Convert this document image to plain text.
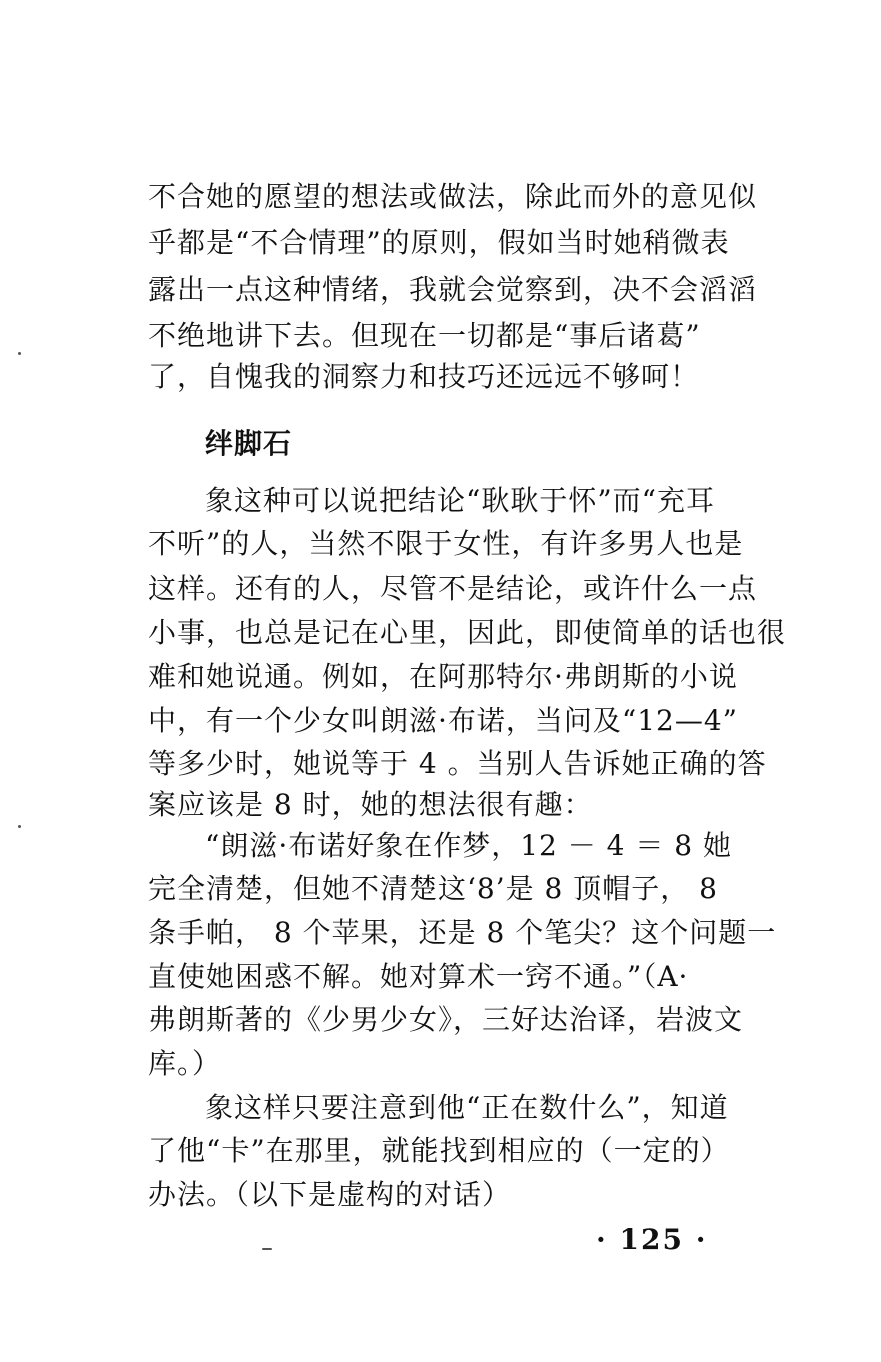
不合她的愿望的想法或做法，除此而外的意见似
乎都是“不合情理”的原则，假如当时她稍微表
露出一点这种情绪，我就会觉察到，决不会滔滔
不绝地讲下去。但现在一切都是“事后诸葛”
了，自愧我的洞察力和技巧还远远不够呵！
绊脚石
象这种可以说把结论“耿耿于怀”而“充耳
不听”的人，当然不限于女性，有许多男人也是
这样。还有的人，尽管不是结论，或许什么一点
小事，也总是记在心里，因此，即使简单的话也很
难和她说通。例如，在阿那特尔·弗朗斯的小说
中，有一个少女叫朗滋·布诺，当问及“12—4”
等多少时，她说等于 4 。当别人告诉她正确的答
案应该是 8 时，她的想法很有趣：
“朗滋·布诺好象在作梦，12 － 4 ＝ 8 她
完全清楚，但她不清楚这‘8’是 8 顶帽子， 8
条手帕， 8 个苹果，还是 8 个笔尖？这个问题一
直使她困惑不解。她对算术一窍不通。”（A·
弗朗斯著的《少男少女》，三好达治译，岩波文
库。）
象这样只要注意到他“正在数什么”，知道
了他“卡”在那里，就能找到相应的（一定的）
办法。（以下是虚构的对话）
· 125 ·
